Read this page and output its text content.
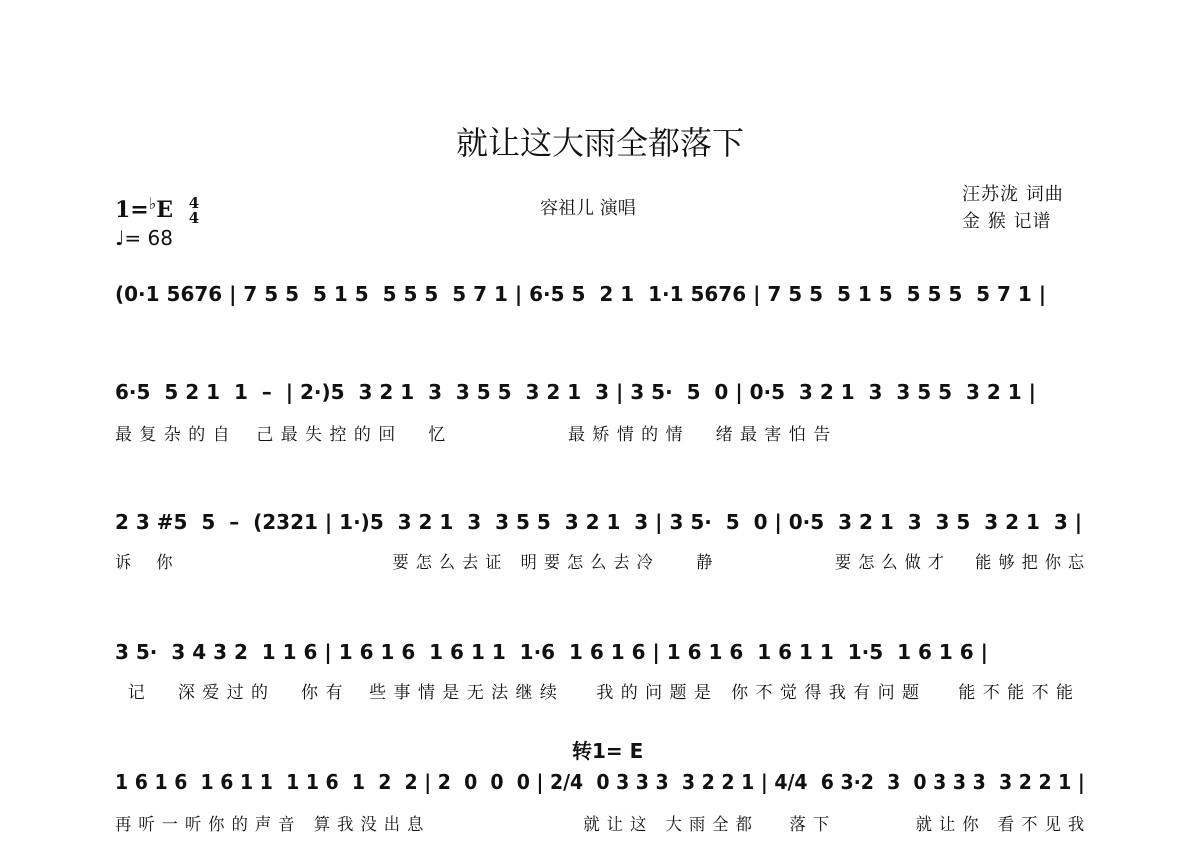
就让这大雨全都落下
1=♭E 4
4
♩= 68
容祖儿 演唱
汪苏泷 词曲
金 猴 记谱
(0·1 5676 | 7 5 5  5 1 5  5 5 5  5 7 1 | 6·5 5  2 1  1·1 5676 | 7 5 5  5 1 5  5 5 5  5 7 1 |
6·5  5 2 1  1  –  | 2·)5  3 2 1  3  3 5 5  3 2 1  3 | 3 5·  5  0 | 0·5  3 2 1  3  3 5 5  3 2 1 |
最 复 杂 的 自    己 最 失 控 的 回     忆                   最 矫 情 的 情     绪 最 害 怕 告
2 3 #5  5  –  (2321 | 1·)5  3 2 1  3  3 5 5  3 2 1  3 | 3 5·  5  0 | 0·5  3 2 1  3  3 5  3 2 1  3 |
诉    你                                    要 怎 么 去 证   明 要 怎 么 去 冷       静                    要 怎 么 做 才     能 够 把 你 忘
3 5·  3 4 3 2  1 1 6 | 1 6 1 6  1 6 1 1  1·6  1 6 1 6 | 1 6 1 6  1 6 1 1  1·5  1 6 1 6 |
记     深 爱 过 的     你 有    些 事 情 是 无 法 继 续      我 的 问 题 是   你 不 觉 得 我 有 问 题      能 不 能 不 能
转1= E
1 6 1 6  1 6 1 1  1 1 6  1  2  2 | 2  0  0  0 | 2/4  0 3 3 3  3 2 2 1 | 4/4  6 3·2  3  0 3 3 3  3 2 2 1 |
再 听 一 听 你 的 声 音   算 我 没 出 息                          就 让 这   大 雨 全 都      落 下              就 让 你   看 不 见 我
